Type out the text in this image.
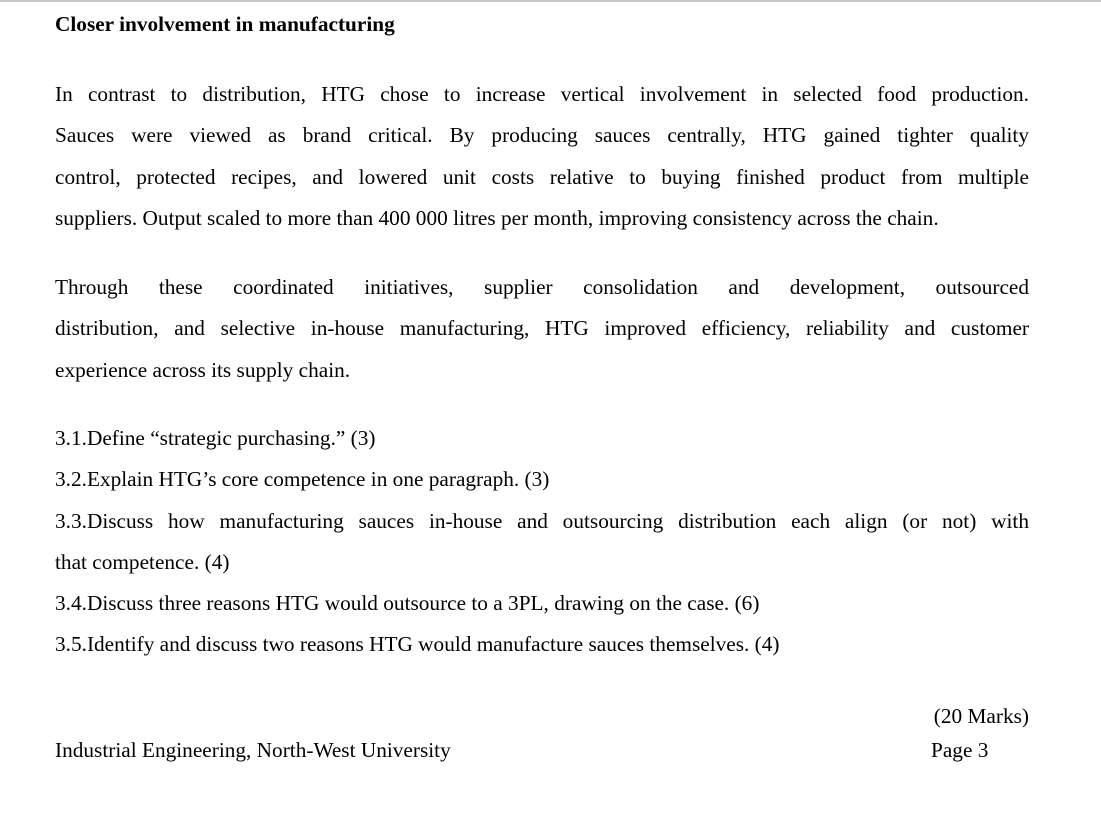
Closer involvement in manufacturing
In contrast to distribution, HTG chose to increase vertical involvement in selected food production.
Sauces were viewed as brand critical. By producing sauces centrally, HTG gained tighter quality
control, protected recipes, and lowered unit costs relative to buying finished product from multiple
suppliers. Output scaled to more than 400 000 litres per month, improving consistency across the chain.
Through these coordinated initiatives, supplier consolidation and development, outsourced
distribution, and selective in-house manufacturing, HTG improved efficiency, reliability and customer
experience across its supply chain.
3.1.Define “strategic purchasing.” (3)
3.2.Explain HTG’s core competence in one paragraph. (3)
3.3.Discuss how manufacturing sauces in-house and outsourcing distribution each align (or not) with
that competence. (4)
3.4.Discuss three reasons HTG would outsource to a 3PL, drawing on the case. (6)
3.5.Identify and discuss two reasons HTG would manufacture sauces themselves. (4)
(20 Marks)
Industrial Engineering, North-West University	Page 3
